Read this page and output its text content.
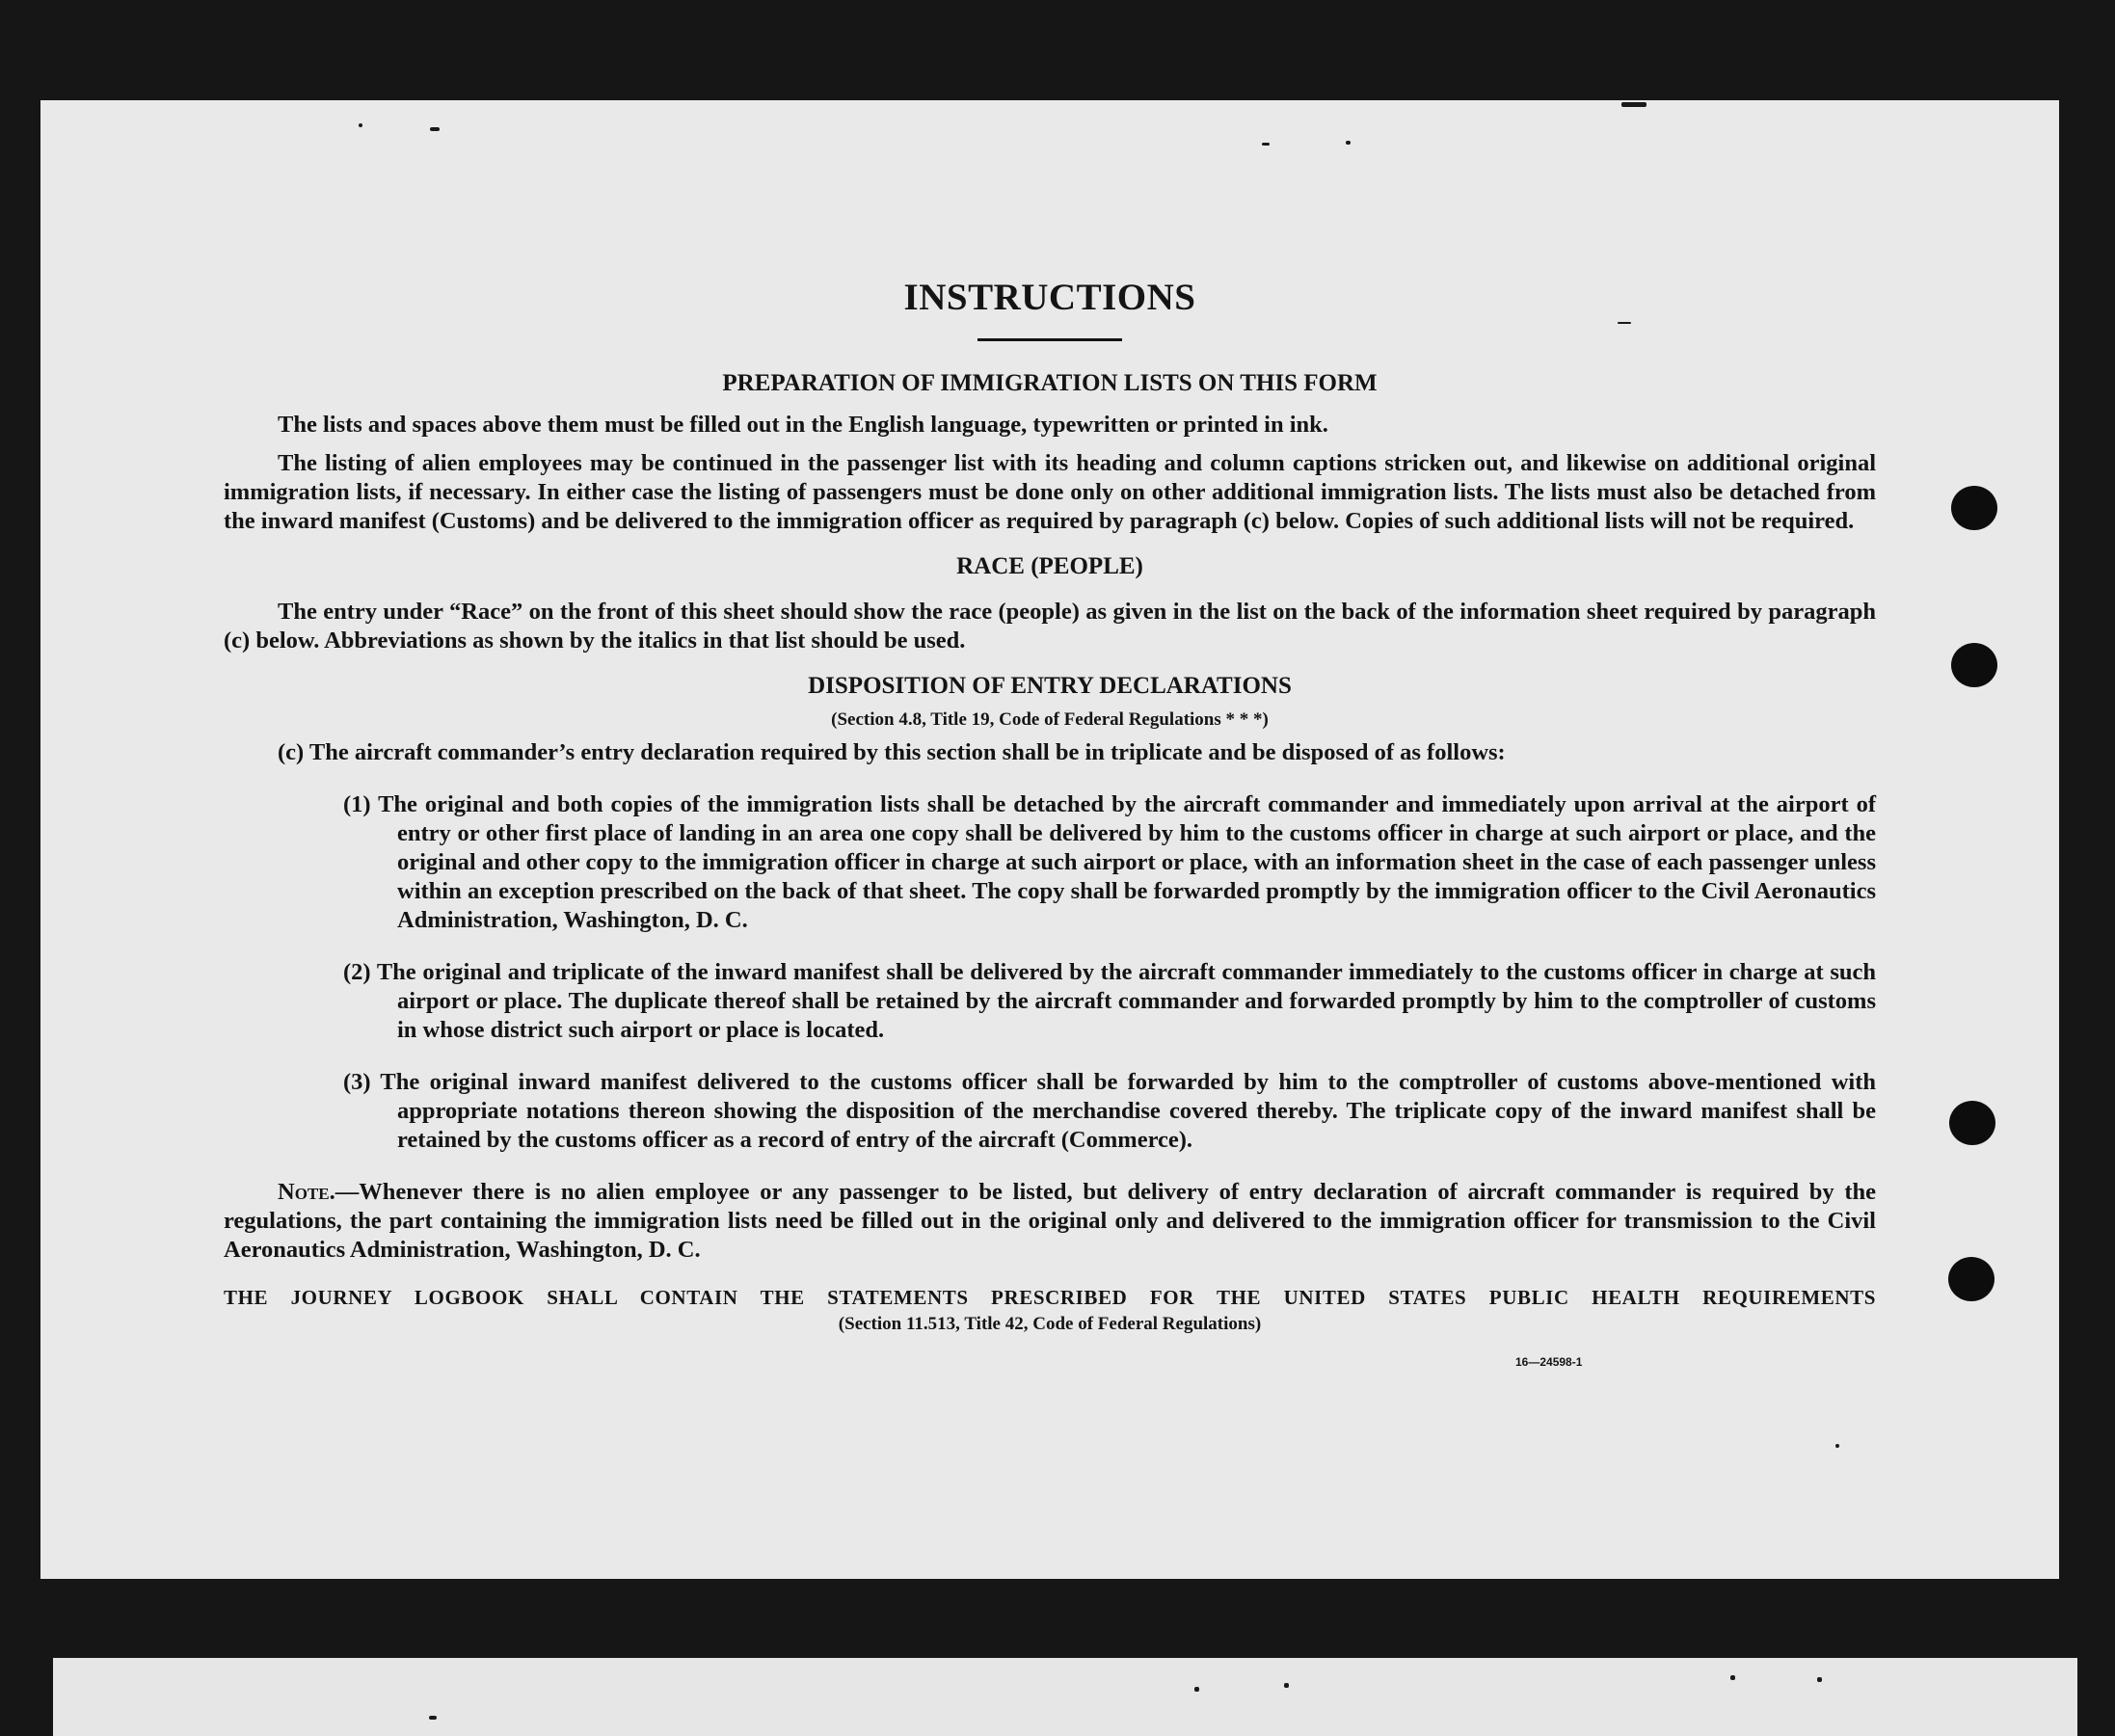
INSTRUCTIONS
PREPARATION OF IMMIGRATION LISTS ON THIS FORM

The lists and spaces above them must be filled out in the English language, typewritten or printed in ink.

The listing of alien employees may be continued in the passenger list with its heading and column captions stricken out, and likewise on additional original immigration lists, if necessary. In either case the listing of passengers must be done only on other additional immigration lists. The lists must also be detached from the inward manifest (Customs) and be delivered to the immigration officer as required by paragraph (c) below. Copies of such additional lists will not be required.

RACE (PEOPLE)

The entry under “Race” on the front of this sheet should show the race (people) as given in the list on the back of the information sheet required by paragraph (c) below. Abbreviations as shown by the italics in that list should be used.

DISPOSITION OF ENTRY DECLARATIONS
(Section 4.8, Title 19, Code of Federal Regulations * * *)

(c) The aircraft commander’s entry declaration required by this section shall be in triplicate and be disposed of as follows:

(1) The original and both copies of the immigration lists shall be detached by the aircraft commander and immediately upon arrival at the airport of entry or other first place of landing in an area one copy shall be delivered by him to the customs officer in charge at such airport or place, and the original and other copy to the immigration officer in charge at such airport or place, with an information sheet in the case of each passenger unless within an exception prescribed on the back of that sheet. The copy shall be forwarded promptly by the immigration officer to the Civil Aeronautics Administration, Washington, D. C.

(2) The original and triplicate of the inward manifest shall be delivered by the aircraft commander immediately to the customs officer in charge at such airport or place. The duplicate thereof shall be retained by the aircraft commander and forwarded promptly by him to the comptroller of customs in whose district such airport or place is located.

(3) The original inward manifest delivered to the customs officer shall be forwarded by him to the comptroller of customs above-mentioned with appropriate notations thereon showing the disposition of the merchandise covered thereby. The triplicate copy of the inward manifest shall be retained by the customs officer as a record of entry of the aircraft (Commerce).

Note.—Whenever there is no alien employee or any passenger to be listed, but delivery of entry declaration of aircraft commander is required by the regulations, the part containing the immigration lists need be filled out in the original only and delivered to the immigration officer for transmission to the Civil Aeronautics Administration, Washington, D. C.

THE JOURNEY LOGBOOK SHALL CONTAIN THE STATEMENTS PRESCRIBED FOR THE UNITED STATES PUBLIC HEALTH REQUIREMENTS
(Section 11.513, Title 42, Code of Federal Regulations)
16—24598-1
